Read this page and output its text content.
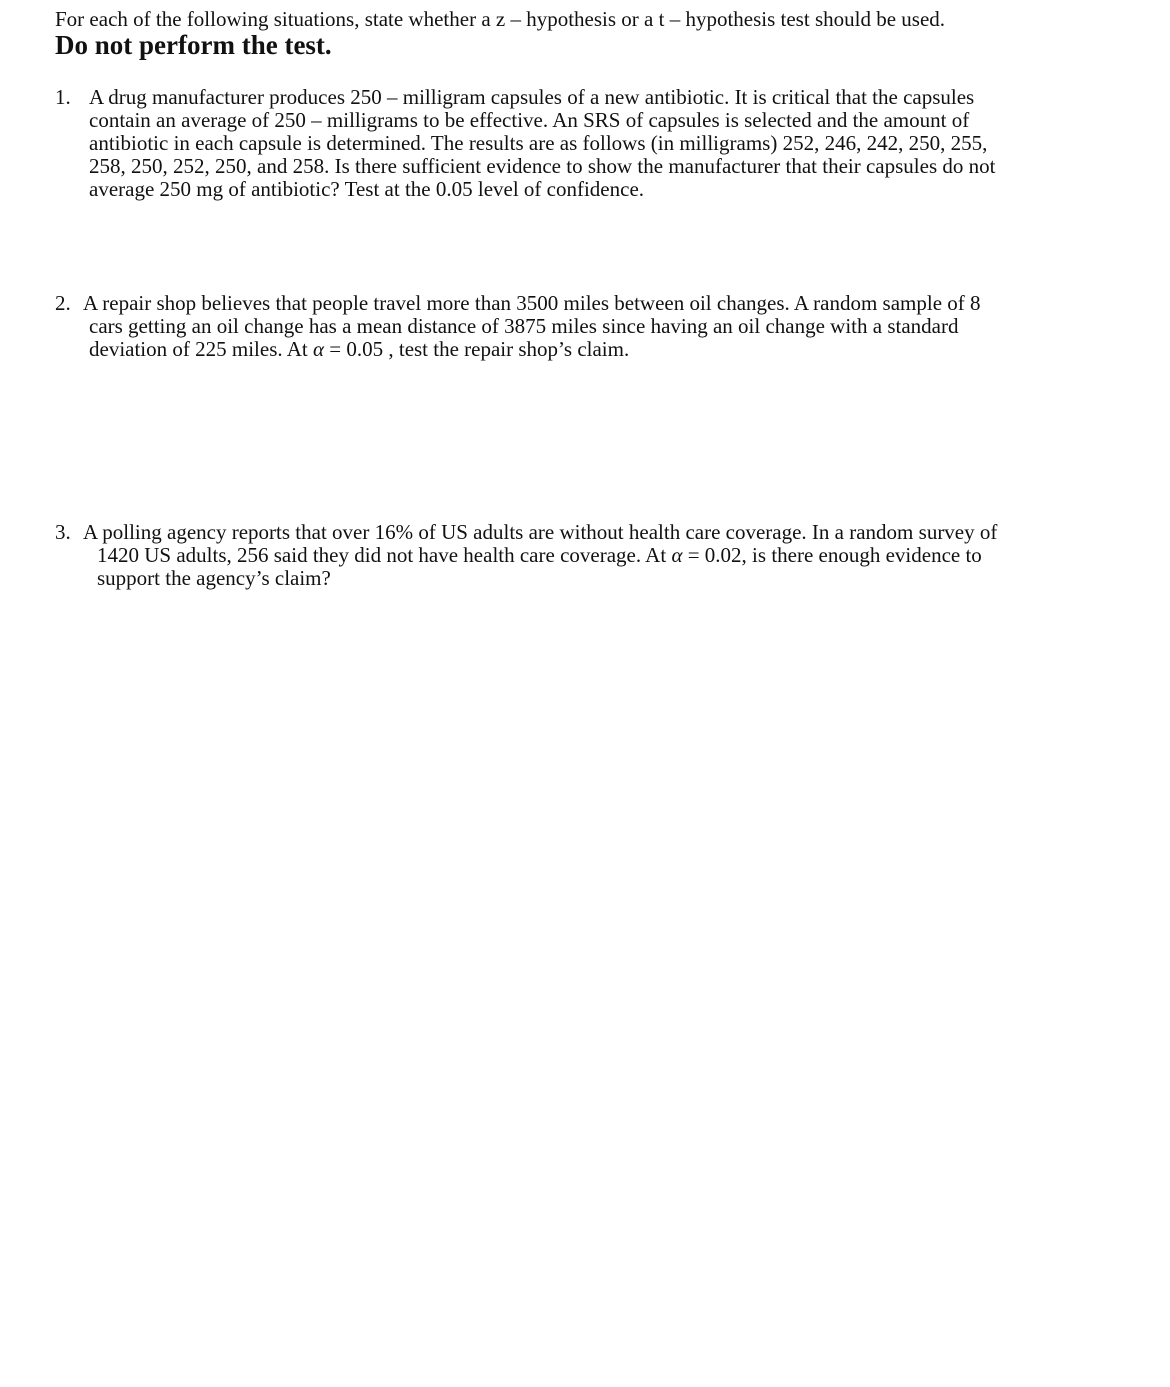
For each of the following situations, state whether a z – hypothesis or a t – hypothesis test should be used.
Do not perform the test.
1. A drug manufacturer produces 250 – milligram capsules of a new antibiotic. It is critical that the capsules
contain an average of 250 – milligrams to be effective. An SRS of capsules is selected and the amount of
antibiotic in each capsule is determined. The results are as follows (in milligrams) 252, 246, 242, 250, 255,
258, 250, 252, 250, and 258. Is there sufficient evidence to show the manufacturer that their capsules do not
average 250 mg of antibiotic? Test at the 0.05 level of confidence.
2. A repair shop believes that people travel more than 3500 miles between oil changes. A random sample of 8
cars getting an oil change has a mean distance of 3875 miles since having an oil change with a standard
deviation of 225 miles. At α = 0.05 , test the repair shop’s claim.
3. A polling agency reports that over 16% of US adults are without health care coverage. In a random survey of
1420 US adults, 256 said they did not have health care coverage. At α = 0.02, is there enough evidence to
support the agency’s claim?
